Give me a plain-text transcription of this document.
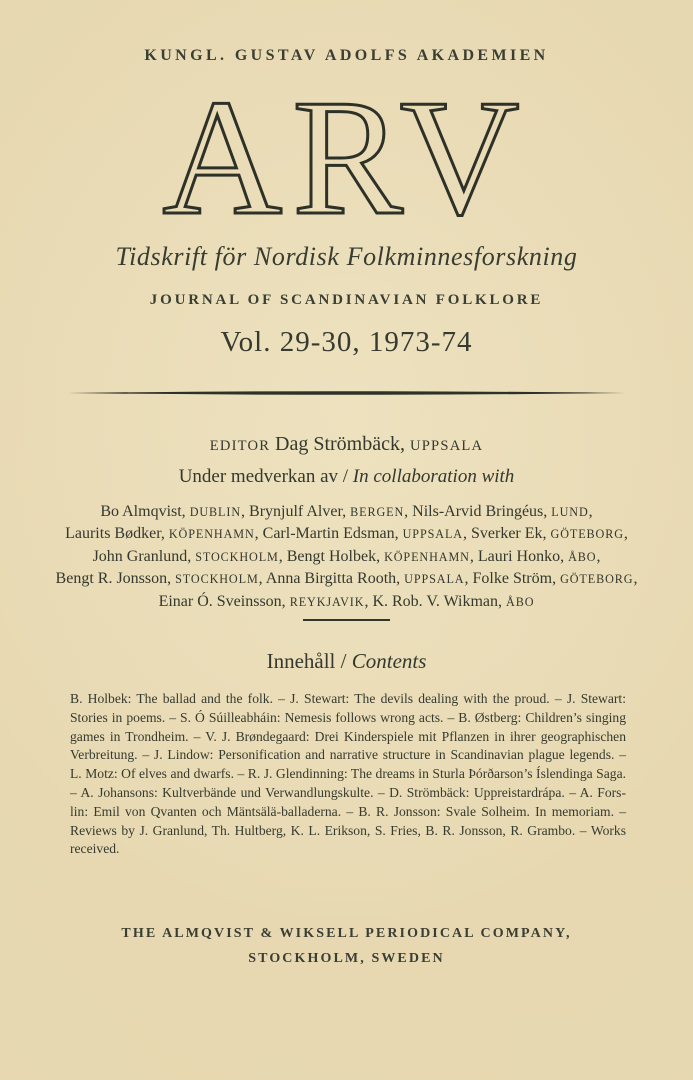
KUNGL. GUSTAV ADOLFS AKADEMIEN
ARV
Tidskrift för Nordisk Folkminnesforskning
JOURNAL OF SCANDINAVIAN FOLKLORE
Vol. 29-30, 1973-74
EDITOR Dag Strömbäck, UPPSALA
Under medverkan av / In collaboration with
Bo Almqvist, DUBLIN, Brynjulf Alver, BERGEN, Nils-Arvid Bringéus, LUND,
Laurits Bødker, KÖPENHAMN, Carl-Martin Edsman, UPPSALA, Sverker Ek, GÖTEBORG,
John Granlund, STOCKHOLM, Bengt Holbek, KÖPENHAMN, Lauri Honko, ÅBO,
Bengt R. Jonsson, STOCKHOLM, Anna Birgitta Rooth, UPPSALA, Folke Ström, GÖTEBORG,
Einar Ó. Sveinsson, REYKJAVIK, K. Rob. V. Wikman, ÅBO
Innehåll / Contents
B. Holbek: The ballad and the folk. – J. Stewart: The devils dealing with the proud. – J. Stewart:
Stories in poems. – S. Ó Súilleabháin: Nemesis follows wrong acts. – B. Østberg: Children’s singing
games in Trondheim. – V. J. Brøndegaard: Drei Kinderspiele mit Pflanzen in ihrer geographischen
Verbreitung. – J. Lindow: Personification and narrative structure in Scandinavian plague legends. –
L. Motz: Of elves and dwarfs. – R. J. Glendinning: The dreams in Sturla Þórðarson’s Íslendinga Saga.
– A. Johansons: Kultverbände und Verwandlungskulte. – D. Strömbäck: Uppreistardrápa. – A. Fors-
lin: Emil von Qvanten och Mäntsälä-balladerna. – B. R. Jonsson: Svale Solheim. In memoriam. –
Reviews by J. Granlund, Th. Hultberg, K. L. Erikson, S. Fries, B. R. Jonsson, R. Grambo. – Works
received.
THE ALMQVIST & WIKSELL PERIODICAL COMPANY,
STOCKHOLM, SWEDEN
